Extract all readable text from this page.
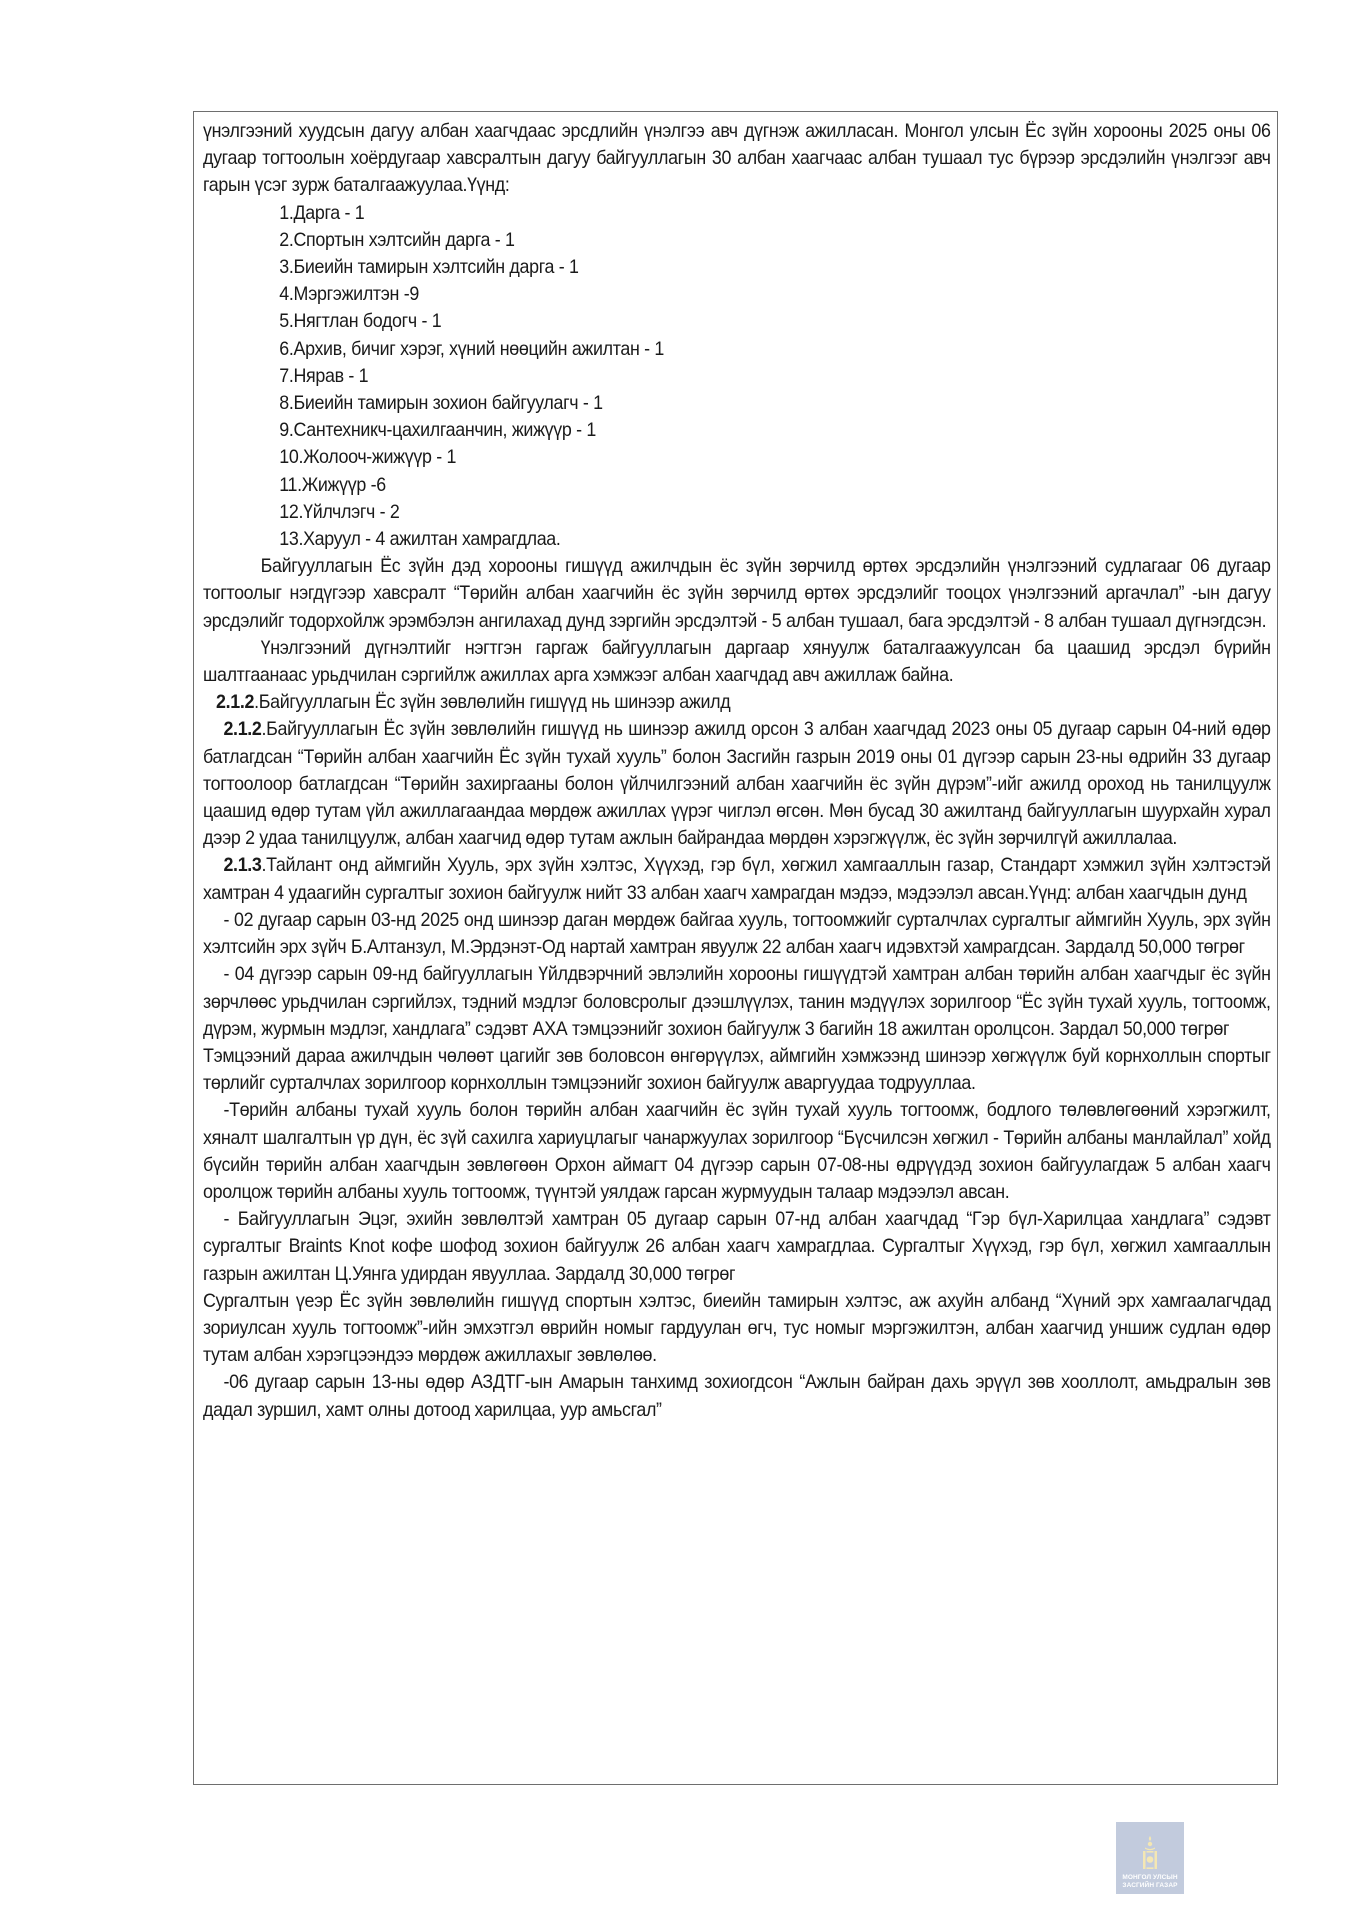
үнэлгээний хуудсын дагуу албан хаагчдаас эрсдлийн үнэлгээ авч дүгнэж ажилласан. Монгол улсын Ёс зүйн хорооны 2025 оны 06 дугаар тогтоолын хоёрдугаар хавсралтын дагуу байгууллагын 30 албан хаагчаас албан тушаал тус бүрээр эрсдэлийн үнэлгээг авч гарын үсэг зурж баталгаажуулаа.Үүнд:

1.Дарга - 1
2.Спортын хэлтсийн дарга - 1
3.Биеийн тамирын хэлтсийн дарга - 1
4.Мэргэжилтэн -9
5.Нягтлан бодогч - 1
6.Архив, бичиг хэрэг, хүний нөөцийн ажилтан - 1
7.Нярав - 1
8.Биеийн тамирын зохион байгуулагч - 1
9.Сантехникч-цахилгаанчин, жижүүр - 1
10.Жолооч-жижүүр - 1
11.Жижүүр -6
12.Үйлчлэгч - 2
13.Харуул - 4 ажилтан хамрагдлаа.

Байгууллагын Ёс зүйн дэд хорооны гишүүд ажилчдын ёс зүйн зөрчилд өртөх эрсдэлийн үнэлгээний судлагааг 06 дугаар тогтоолыг нэгдүгээр хавсралт “Төрийн албан хаагчийн ёс зүйн зөрчилд өртөх эрсдэлийг тооцох үнэлгээний аргачлал” -ын дагуу эрсдэлийг тодорхойлж эрэмбэлэн ангилахад дунд зэргийн эрсдэлтэй - 5 албан тушаал, бага эрсдэлтэй - 8 албан тушаал дүгнэгдсэн.

Үнэлгээний дүгнэлтийг нэгтгэн гаргаж байгууллагын даргаар хянуулж баталгаажуулсан ба цаашид эрсдэл бүрийн шалтгаанаас урьдчилан сэргийлж ажиллах арга хэмжээг албан хаагчдад авч ажиллаж байна.

2.1.2.Байгууллагын Ёс зүйн зөвлөлийн гишүүд нь шинээр ажилд

2.1.2.Байгууллагын Ёс зүйн зөвлөлийн гишүүд нь шинээр ажилд орсон 3 албан хаагчдад 2023 оны 05 дугаар сарын 04-ний өдөр батлагдсан “Төрийн албан хаагчийн Ёс зүйн тухай хууль” болон Засгийн газрын 2019 оны 01 дүгээр сарын 23-ны өдрийн 33 дугаар тогтоолоор батлагдсан “Төрийн захиргааны болон үйлчилгээний албан хаагчийн ёс зүйн дүрэм”-ийг ажилд ороход нь танилцуулж цаашид өдөр тутам үйл ажиллагаандаа мөрдөж ажиллах үүрэг чиглэл өгсөн. Мөн бусад 30 ажилтанд байгууллагын шуурхайн хурал дээр 2 удаа танилцуулж, албан хаагчид өдөр тутам ажлын байрандаа мөрдөн хэрэгжүүлж, ёс зүйн зөрчилгүй ажиллалаа.

2.1.3.Тайлант онд аймгийн Хууль, эрх зүйн хэлтэс, Хүүхэд, гэр бүл, хөгжил хамгааллын газар, Стандарт хэмжил зүйн хэлтэстэй хамтран 4 удаагийн сургалтыг зохион байгуулж нийт 33 албан хаагч хамрагдан мэдээ, мэдээлэл авсан.Үүнд: албан хаагчдын дунд

- 02 дугаар сарын 03-нд 2025 онд шинээр даган мөрдөж байгаа хууль, тогтоомжийг сурталчлах сургалтыг аймгийн Хууль, эрх зүйн хэлтсийн эрх зүйч Б.Алтанзул, М.Эрдэнэт-Од нартай хамтран явуулж 22 албан хаагч идэвхтэй хамрагдсан. Зардалд 50,000 төгрөг

- 04 дүгээр сарын 09-нд байгууллагын Үйлдвэрчний эвлэлийн хорооны гишүүдтэй хамтран албан төрийн албан хаагчдыг ёс зүйн зөрчлөөс урьдчилан сэргийлэх, тэдний мэдлэг боловсролыг дээшлүүлэх, танин мэдүүлэх зорилгоор “Ёс зүйн тухай хууль, тогтоомж, дүрэм, журмын мэдлэг, хандлага” сэдэвт АХА тэмцээнийг зохион байгуулж 3 багийн 18 ажилтан оролцсон. Зардал 50,000 төгрөг

Тэмцээний дараа ажилчдын чөлөөт цагийг зөв боловсон өнгөрүүлэх, аймгийн хэмжээнд шинээр хөгжүүлж буй корнхоллын спортыг төрлийг сурталчлах зорилгоор корнхоллын тэмцээнийг зохион байгуулж аваргуудаа тодрууллаа.

-Төрийн албаны тухай хууль болон төрийн албан хаагчийн ёс зүйн тухай хууль тогтоомж, бодлого төлөвлөгөөний хэрэгжилт, хяналт шалгалтын үр дүн, ёс зүй сахилга хариуцлагыг чанаржуулах зорилгоор “Бүсчилсэн хөгжил - Төрийн албаны манлайлал” хойд бүсийн төрийн албан хаагчдын зөвлөгөөн Орхон аймагт 04 дүгээр сарын 07-08-ны өдрүүдэд зохион байгуулагдаж 5 албан хаагч оролцож төрийн албаны хууль тогтоомж, түүнтэй уялдаж гарсан журмуудын талаар мэдээлэл авсан.

- Байгууллагын Эцэг, эхийн зөвлөлтэй хамтран 05 дугаар сарын 07-нд албан хаагчдад “Гэр бүл-Харилцаа хандлага” сэдэвт сургалтыг Braints Knot кофе шофод зохион байгуулж 26 албан хаагч хамрагдлаа. Сургалтыг Хүүхэд, гэр бүл, хөгжил хамгааллын газрын ажилтан Ц.Уянга удирдан явууллаа. Зардалд 30,000 төгрөг

Сургалтын үеэр Ёс зүйн зөвлөлийн гишүүд спортын хэлтэс, биеийн тамирын хэлтэс, аж ахуйн албанд “Хүний эрх хамгаалагчдад зориулсан хууль тогтоомж”-ийн эмхэтгэл өврийн номыг гардуулан өгч, тус номыг мэргэжилтэн, албан хаагчид уншиж судлан өдөр тутам албан хэрэгцээндээ мөрдөж ажиллахыг зөвлөлөө.

-06 дугаар сарын 13-ны өдөр АЗДТГ-ын Амарын танхимд зохиогдсон “Ажлын байран дахь эрүүл зөв хооллолт, амьдралын зөв дадал зуршил, хамт олны дотоод харилцаа, уур амьсгал”

МОНГОЛ УЛСЫН
ЗАСГИЙН ГАЗАР
